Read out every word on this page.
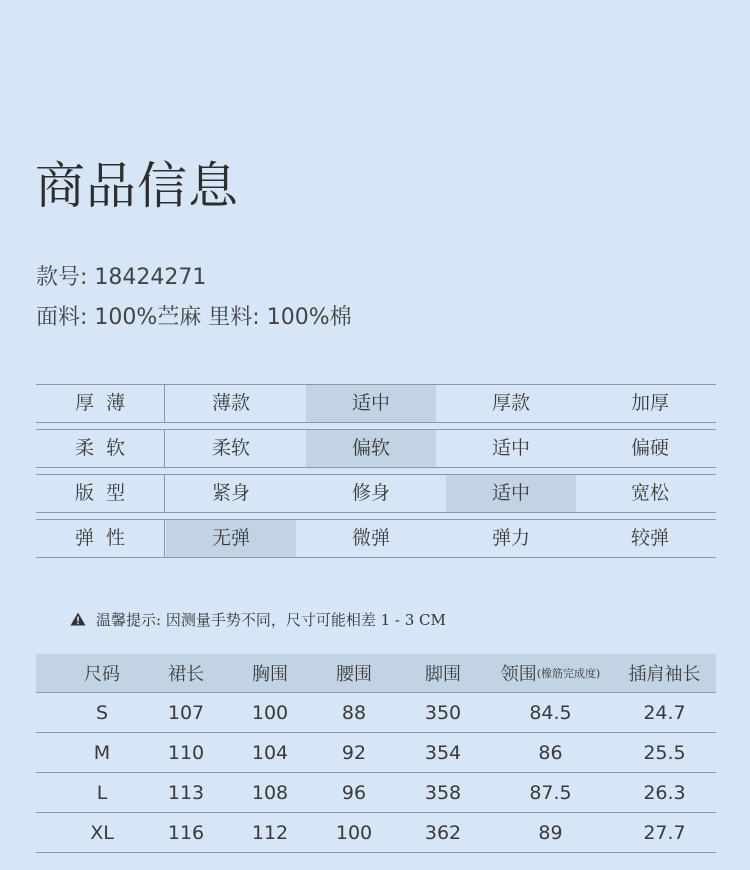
商品信息
款号: 18424271
面料: 100%苎麻 里料: 100%棉
厚薄	薄款	适中	厚款	加厚
柔软	柔软	偏软	适中	偏硬
版型	紧身	修身	适中	宽松
弹性	无弹	微弹	弹力	较弹
温馨提示: 因测量手势不同，尺寸可能相差 1 - 3 CM
尺码	裙长	胸围	腰围	脚围	领围 (橡筋完成度)	插肩袖长
S	107	100	88	350	84.5	24.7
M	110	104	92	354	86	25.5
L	113	108	96	358	87.5	26.3
XL	116	112	100	362	89	27.7
